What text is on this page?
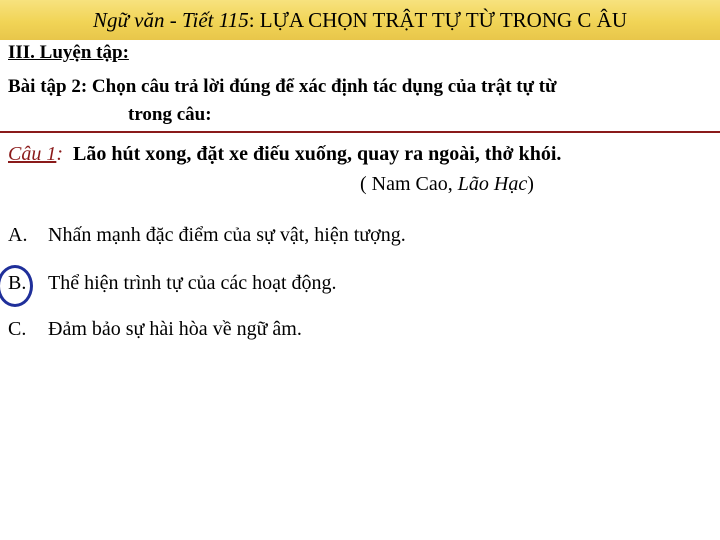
Ngữ văn - Tiết 115: LỰA CHỌN TRẬT TỰ TỪ TRONG C ÂU
III. Luyện tập:
Bài tập 2: Chọn câu trả lời đúng để xác định tác dụng của trật tự từ
trong câu:
Câu 1: Lão hút xong, đặt xe điếu xuống, quay ra ngoài, thở khói.
( Nam Cao, Lão Hạc)
A. Nhấn mạnh đặc điểm của sự vật, hiện tượng.
B. Thể hiện trình tự của các hoạt động.
C. Đảm bảo sự hài hòa về ngữ âm.
